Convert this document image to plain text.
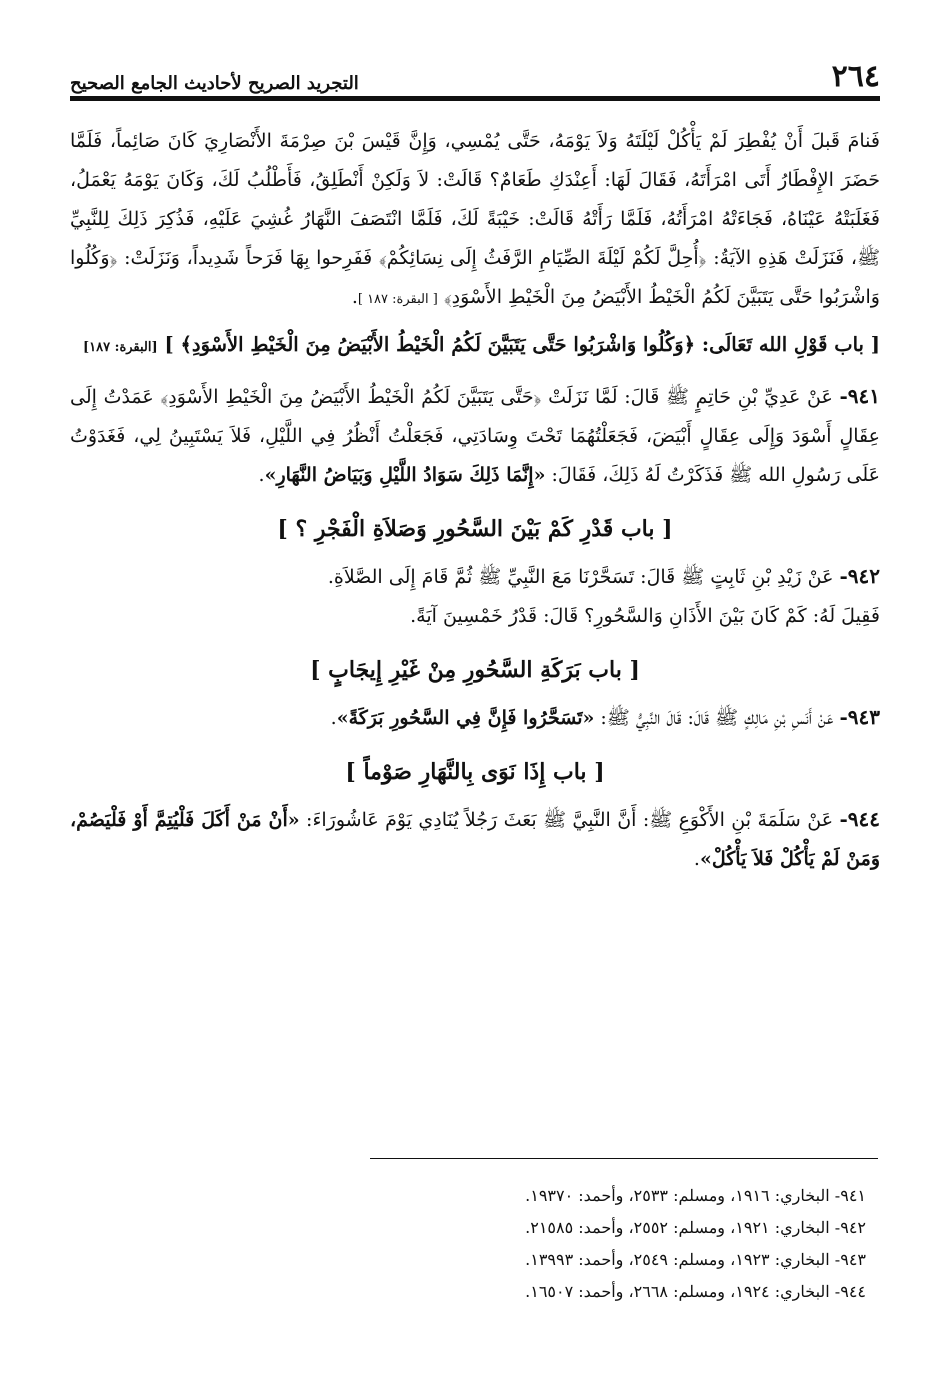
٢٦٤
التجريد الصريح لأحاديث الجامع الصحيح

فَنامَ قَبلَ أَنْ يُفْطِرَ لَمْ يَأْكُلْ لَيْلَتَهُ وَلاَ يَوْمَهُ، حَتَّى يُمْسِي، وَإِنَّ قَيْسَ بْنَ صِرْمَةَ الأَنْصَارِيَ كَانَ صَائِماً، فَلَمَّا حَضَرَ الإِفْطَارُ أَتَى امْرَأَتَهُ، فَقَالَ لَهَا: أَعِنْدَكِ طَعَامٌ؟ قَالَتْ: لاَ وَلَكِنْ أَنْطَلِقُ، فَأَطْلُبُ لَكَ، وَكَانَ يَوْمَهُ يَعْمَلُ، فَغَلَبَتْهُ عَيْنَاهُ، فَجَاءَتْهُ امْرَأَتُهُ، فَلَمَّا رَأَتْهُ قَالَتْ: خَيْبَةً لَكَ، فَلَمَّا انْتَصَفَ النَّهَارُ غُشِيَ عَلَيْهِ، فَذُكِرَ ذَلِكَ لِلنَّبِيِّ ﷺ، فَنَزَلَتْ هَذِهِ الآيَةُ: ﴿أُحِلَّ لَكُمْ لَيْلَةَ الصِّيَامِ الرَّفَثُ إِلَى نِسَائِكُمْ﴾ فَفَرِحوا بِهَا فَرَحاً شَدِيداً، وَنَزَلَتْ: ﴿وَكُلُوا وَاشْرَبُوا حَتَّى يَتَبَيَّنَ لَكُمُ الْخَيْطُ الأَبْيَضُ مِنَ الْخَيْطِ الأَسْوَدِ﴾ [ البقرة: ١٨٧ ].

[ باب قَوْلِ الله تَعَالَى: ﴿وَكُلُوا وَاشْرَبُوا حَتَّى يَتَبَيَّنَ لَكُمُ الْخَيْطُ الأَبْيَضُ مِنَ الْخَيْطِ الأَسْوَدِ﴾ ] [البقرة: ١٨٧]

٩٤١- عَنْ عَدِيِّ بْنِ حَاتِمٍ ﷺ قَالَ: لَمَّا نَزَلَتْ ﴿حَتَّى يَتَبَيَّنَ لَكُمُ الْخَيْطُ الأَبْيَضُ مِنَ الْخَيْطِ الأَسْوَدِ﴾ عَمَدْتُ إِلَى عِقَالٍ أَسْوَدَ وَإِلَى عِقَالٍ أَبْيَضَ، فَجَعَلْتُهُمَا تَحْتَ وِسَادَتِي، فَجَعَلْتُ أَنْظُرُ فِي اللَّيْلِ، فَلاَ يَسْتَبِينُ لِي، فَغَدَوْتُ عَلَى رَسُولِ الله ﷺ فَذَكَرْتُ لَهُ ذَلِكَ، فَقَالَ: «إِنَّمَا ذَلِكَ سَوَادُ اللَّيْلِ وَبَيَاضُ النَّهَارِ».

[ باب قَدْرِ كَمْ بَيْنَ السَّحُورِ وَصَلاَةِ الْفَجْرِ ؟ ]

٩٤٢- عَنْ زَيْدِ بْنِ ثَابِتٍ ﷺ قَالَ: تَسَحَّرْنَا مَعَ النَّبِيِّ ﷺ ثُمَّ قَامَ إِلَى الصَّلاَةِ.

فَقِيلَ لَهُ: كَمْ كَانَ بَيْنَ الأَذَانِ وَالسَّحُورِ؟ قَالَ: قَدْرُ خَمْسِينَ آيَةً.

[ باب بَرَكَةِ السَّحُورِ مِنْ غَيْرِ إِيجَابٍ ]

٩٤٣- عَنْ أَنَسِ بْنِ مَالِكٍ ﷺ قَالَ: قَالَ النَّبِيُّ ﷺ: «تَسَحَّرُوا فَإِنَّ فِي السَّحُورِ بَرَكَةً».

[ باب إِذَا نَوَى بِالنَّهَارِ صَوْماً ]

٩٤٤- عَنْ سَلَمَةَ بْنِ الأَكْوَعِ ﷺ: أَنَّ النَّبِيَّ ﷺ بَعَثَ رَجُلاً يُنَادِي يَوْمَ عَاشُورَاءَ: «أَنْ مَنْ أَكَلَ فَلْيُتِمَّ أَوْ فَلْيَصُمْ، وَمَنْ لَمْ يَأْكُلْ فَلاَ يَأْكُلْ».

٩٤١- البخاري: ١٩١٦، ومسلم: ٢٥٣٣، وأحمد: ١٩٣٧٠.
٩٤٢- البخاري: ١٩٢١، ومسلم: ٢٥٥٢، وأحمد: ٢١٥٨٥.
٩٤٣- البخاري: ١٩٢٣، ومسلم: ٢٥٤٩، وأحمد: ١٣٩٩٣.
٩٤٤- البخاري: ١٩٢٤، ومسلم: ٢٦٦٨، وأحمد: ١٦٥٠٧.
